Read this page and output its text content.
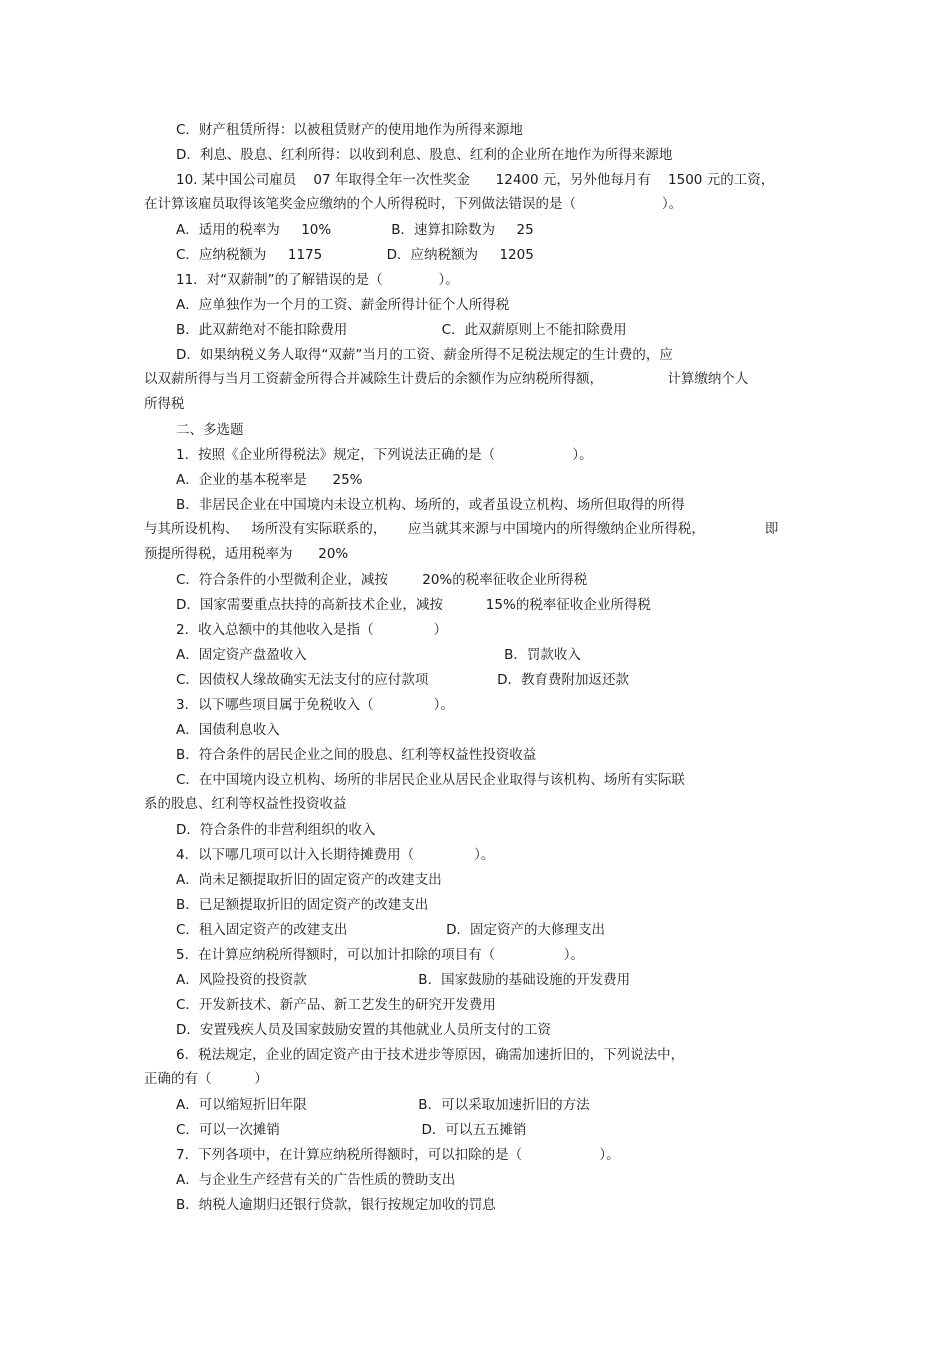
C．财产租赁所得：以被租赁财产的使用地作为所得来源地

D．利息、股息、红利所得：以收到利息、股息、红利的企业所在地作为所得来源地

10. 某中国公司雇员    07 年取得全年一次性奖金      12400 元，另外他每月有    1500 元的工资，

在计算该雇员取得该笔奖金应缴纳的个人所得税时，下列做法错误的是（                    ）。

A．适用的税率为     10%              B．速算扣除数为     25

C．应纳税额为     1175               D．应纳税额为     1205

11．对“双薪制”的了解错误的是（             ）。

A．应单独作为一个月的工资、薪金所得计征个人所得税

B．此双薪绝对不能扣除费用                      C．此双薪原则上不能扣除费用

D．如果纳税义务人取得“双薪”当月的工资、薪金所得不足税法规定的生计费的，应

以双薪所得与当月工资薪金所得合并减除生计费后的余额作为应纳税所得额，               计算缴纳个人

所得税

二、多选题

1．按照《企业所得税法》规定，下列说法正确的是（                  ）。

A．企业的基本税率是      25%

B．非居民企业在中国境内未设立机构、场所的，或者虽设立机构、场所但取得的所得

与其所设机构、   场所没有实际联系的，     应当就其来源与中国境内的所得缴纳企业所得税，              即

预提所得税，适用税率为      20%

C．符合条件的小型微利企业，减按        20%的税率征收企业所得税

D．国家需要重点扶持的高新技术企业，减按          15%的税率征收企业所得税

2．收入总额中的其他收入是指（              ）

A．固定资产盘盈收入                                              B．罚款收入

C．因债权人缘故确实无法支付的应付款项                D．教育费附加返还款

3．以下哪些项目属于免税收入（              ）。

A．国债利息收入

B．符合条件的居民企业之间的股息、红利等权益性投资收益

C．在中国境内设立机构、场所的非居民企业从居民企业取得与该机构、场所有实际联

系的股息、红利等权益性投资收益

D．符合条件的非营利组织的收入

4．以下哪几项可以计入长期待摊费用（              ）。

A．尚未足额提取折旧的固定资产的改建支出

B．已足额提取折旧的固定资产的改建支出

C．租入固定资产的改建支出                       D．固定资产的大修理支出

5．在计算应纳税所得额时，可以加计扣除的项目有（                ）。

A．风险投资的投资款                          B．国家鼓励的基础设施的开发费用

C．开发新技术、新产品、新工艺发生的研究开发费用

D．安置残疾人员及国家鼓励安置的其他就业人员所支付的工资

6．税法规定，企业的固定资产由于技术进步等原因，确需加速折旧的，下列说法中，

正确的有（          ）

A．可以缩短折旧年限                          B．可以采取加速折旧的方法

C．可以一次摊销                                 D．可以五五摊销

7．下列各项中，在计算应纳税所得额时，可以扣除的是（                  ）。

A．与企业生产经营有关的广告性质的赞助支出

B．纳税人逾期归还银行贷款，银行按规定加收的罚息
